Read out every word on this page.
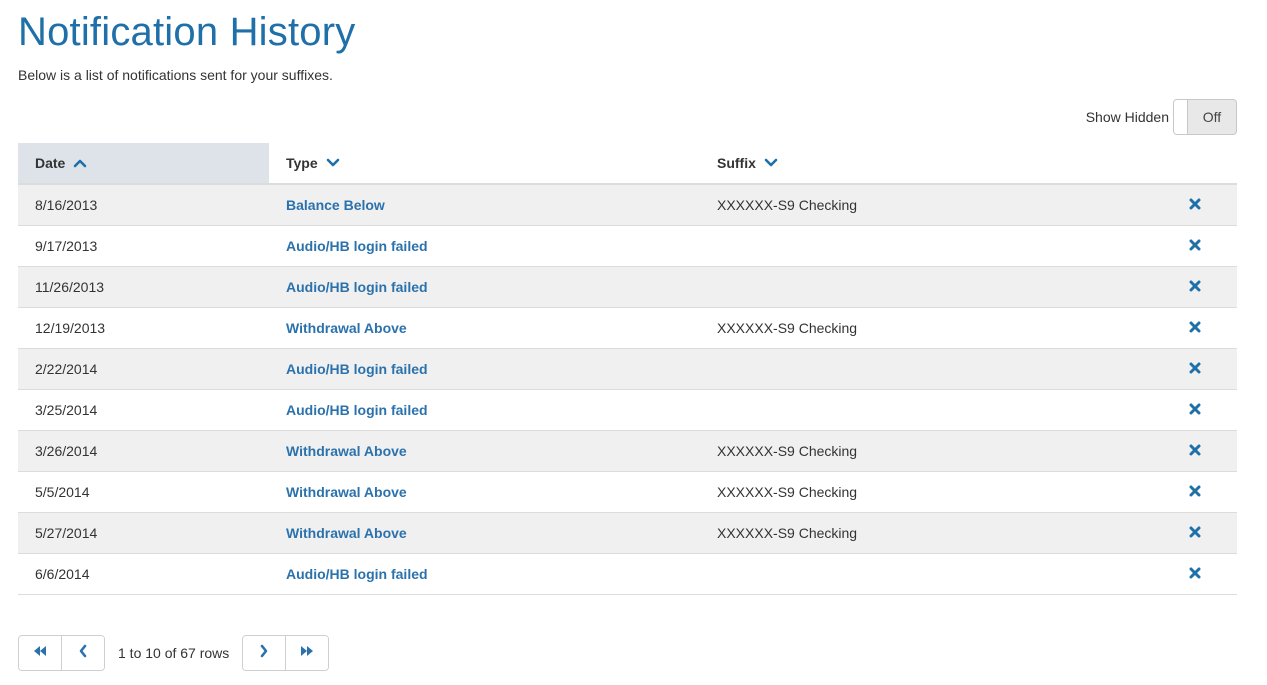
Notification History

Below is a list of notifications sent for your suffixes.

Show Hidden	Off
Date	Type	Suffix	
8/16/2013	Balance Below	XXXXXX-S9 Checking	
9/17/2013	Audio/HB login failed		
11/26/2013	Audio/HB login failed		
12/19/2013	Withdrawal Above	XXXXXX-S9 Checking	
2/22/2014	Audio/HB login failed		
3/25/2014	Audio/HB login failed		
3/26/2014	Withdrawal Above	XXXXXX-S9 Checking	
5/5/2014	Withdrawal Above	XXXXXX-S9 Checking	
5/27/2014	Withdrawal Above	XXXXXX-S9 Checking	
6/6/2014	Audio/HB login failed		
1 to 10 of 67 rows
